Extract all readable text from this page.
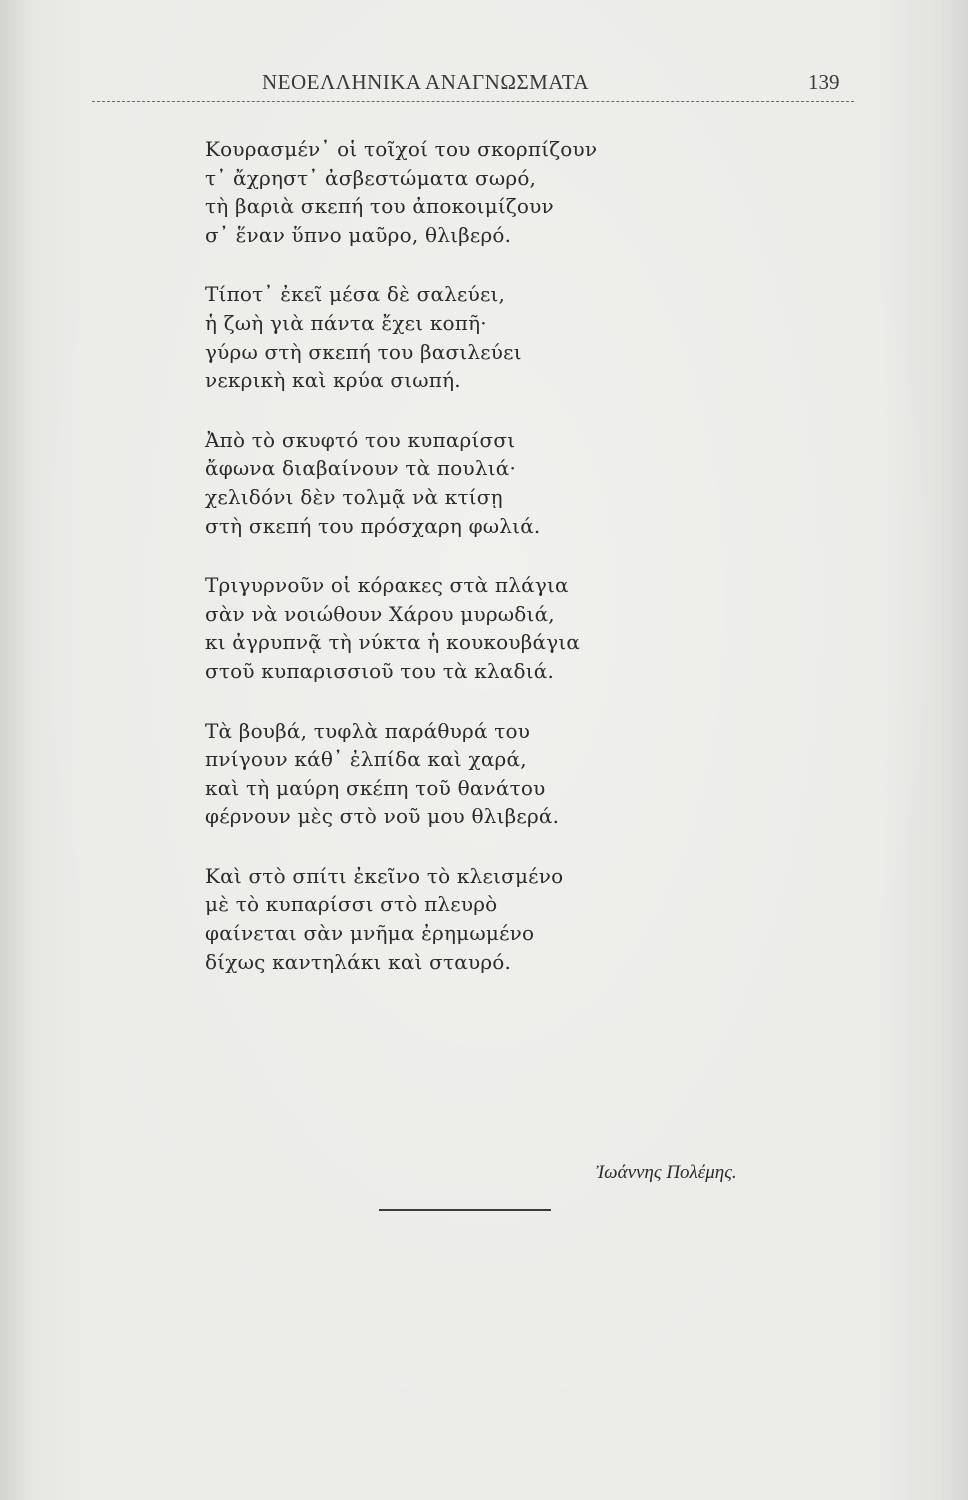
ΝΕΟΕΛΛΗΝΙΚΑ ΑΝΑΓΝΩΣΜΑΤΑ	139
Κουρασμέν᾽ οἱ τοῖχοί του σκορπίζουν
τ᾽ ἄχρηστ᾽ ἀσβεστώματα σωρό,
τὴ βαριὰ σκεπή του ἀποκοιμίζουν
σ᾽ ἕναν ὕπνο μαῦρο, θλιβερό.
Τίποτ᾽ ἐκεῖ μέσα δὲ σαλεύει,
ἡ ζωὴ γιὰ πάντα ἔχει κοπῆ·
γύρω στὴ σκεπή του βασιλεύει
νεκρικὴ καὶ κρύα σιωπή.
Ἀπὸ τὸ σκυφτό του κυπαρίσσι
ἄφωνα διαβαίνουν τὰ πουλιά·
χελιδόνι δὲν τολμᾷ νὰ κτίσῃ
στὴ σκεπή του πρόσχαρη φωλιά.
Τριγυρνοῦν οἱ κόρακες στὰ πλάγια
σὰν νὰ νοιώθουν Χάρου μυρωδιά,
κι ἀγρυπνᾷ τὴ νύκτα ἡ κουκουβάγια
στοῦ κυπαρισσιοῦ του τὰ κλαδιά.
Τὰ βουβά, τυφλὰ παράθυρά του
πνίγουν κάθ᾽ ἐλπίδα καὶ χαρά,
καὶ τὴ μαύρη σκέπη τοῦ θανάτου
φέρνουν μὲς στὸ νοῦ μου θλιβερά.
Καὶ στὸ σπίτι ἐκεῖνο τὸ κλεισμένο
μὲ τὸ κυπαρίσσι στὸ πλευρὸ
φαίνεται σὰν μνῆμα ἐρημωμένο
δίχως καντηλάκι καὶ σταυρό.
Ἰωάννης Πολέμης.
